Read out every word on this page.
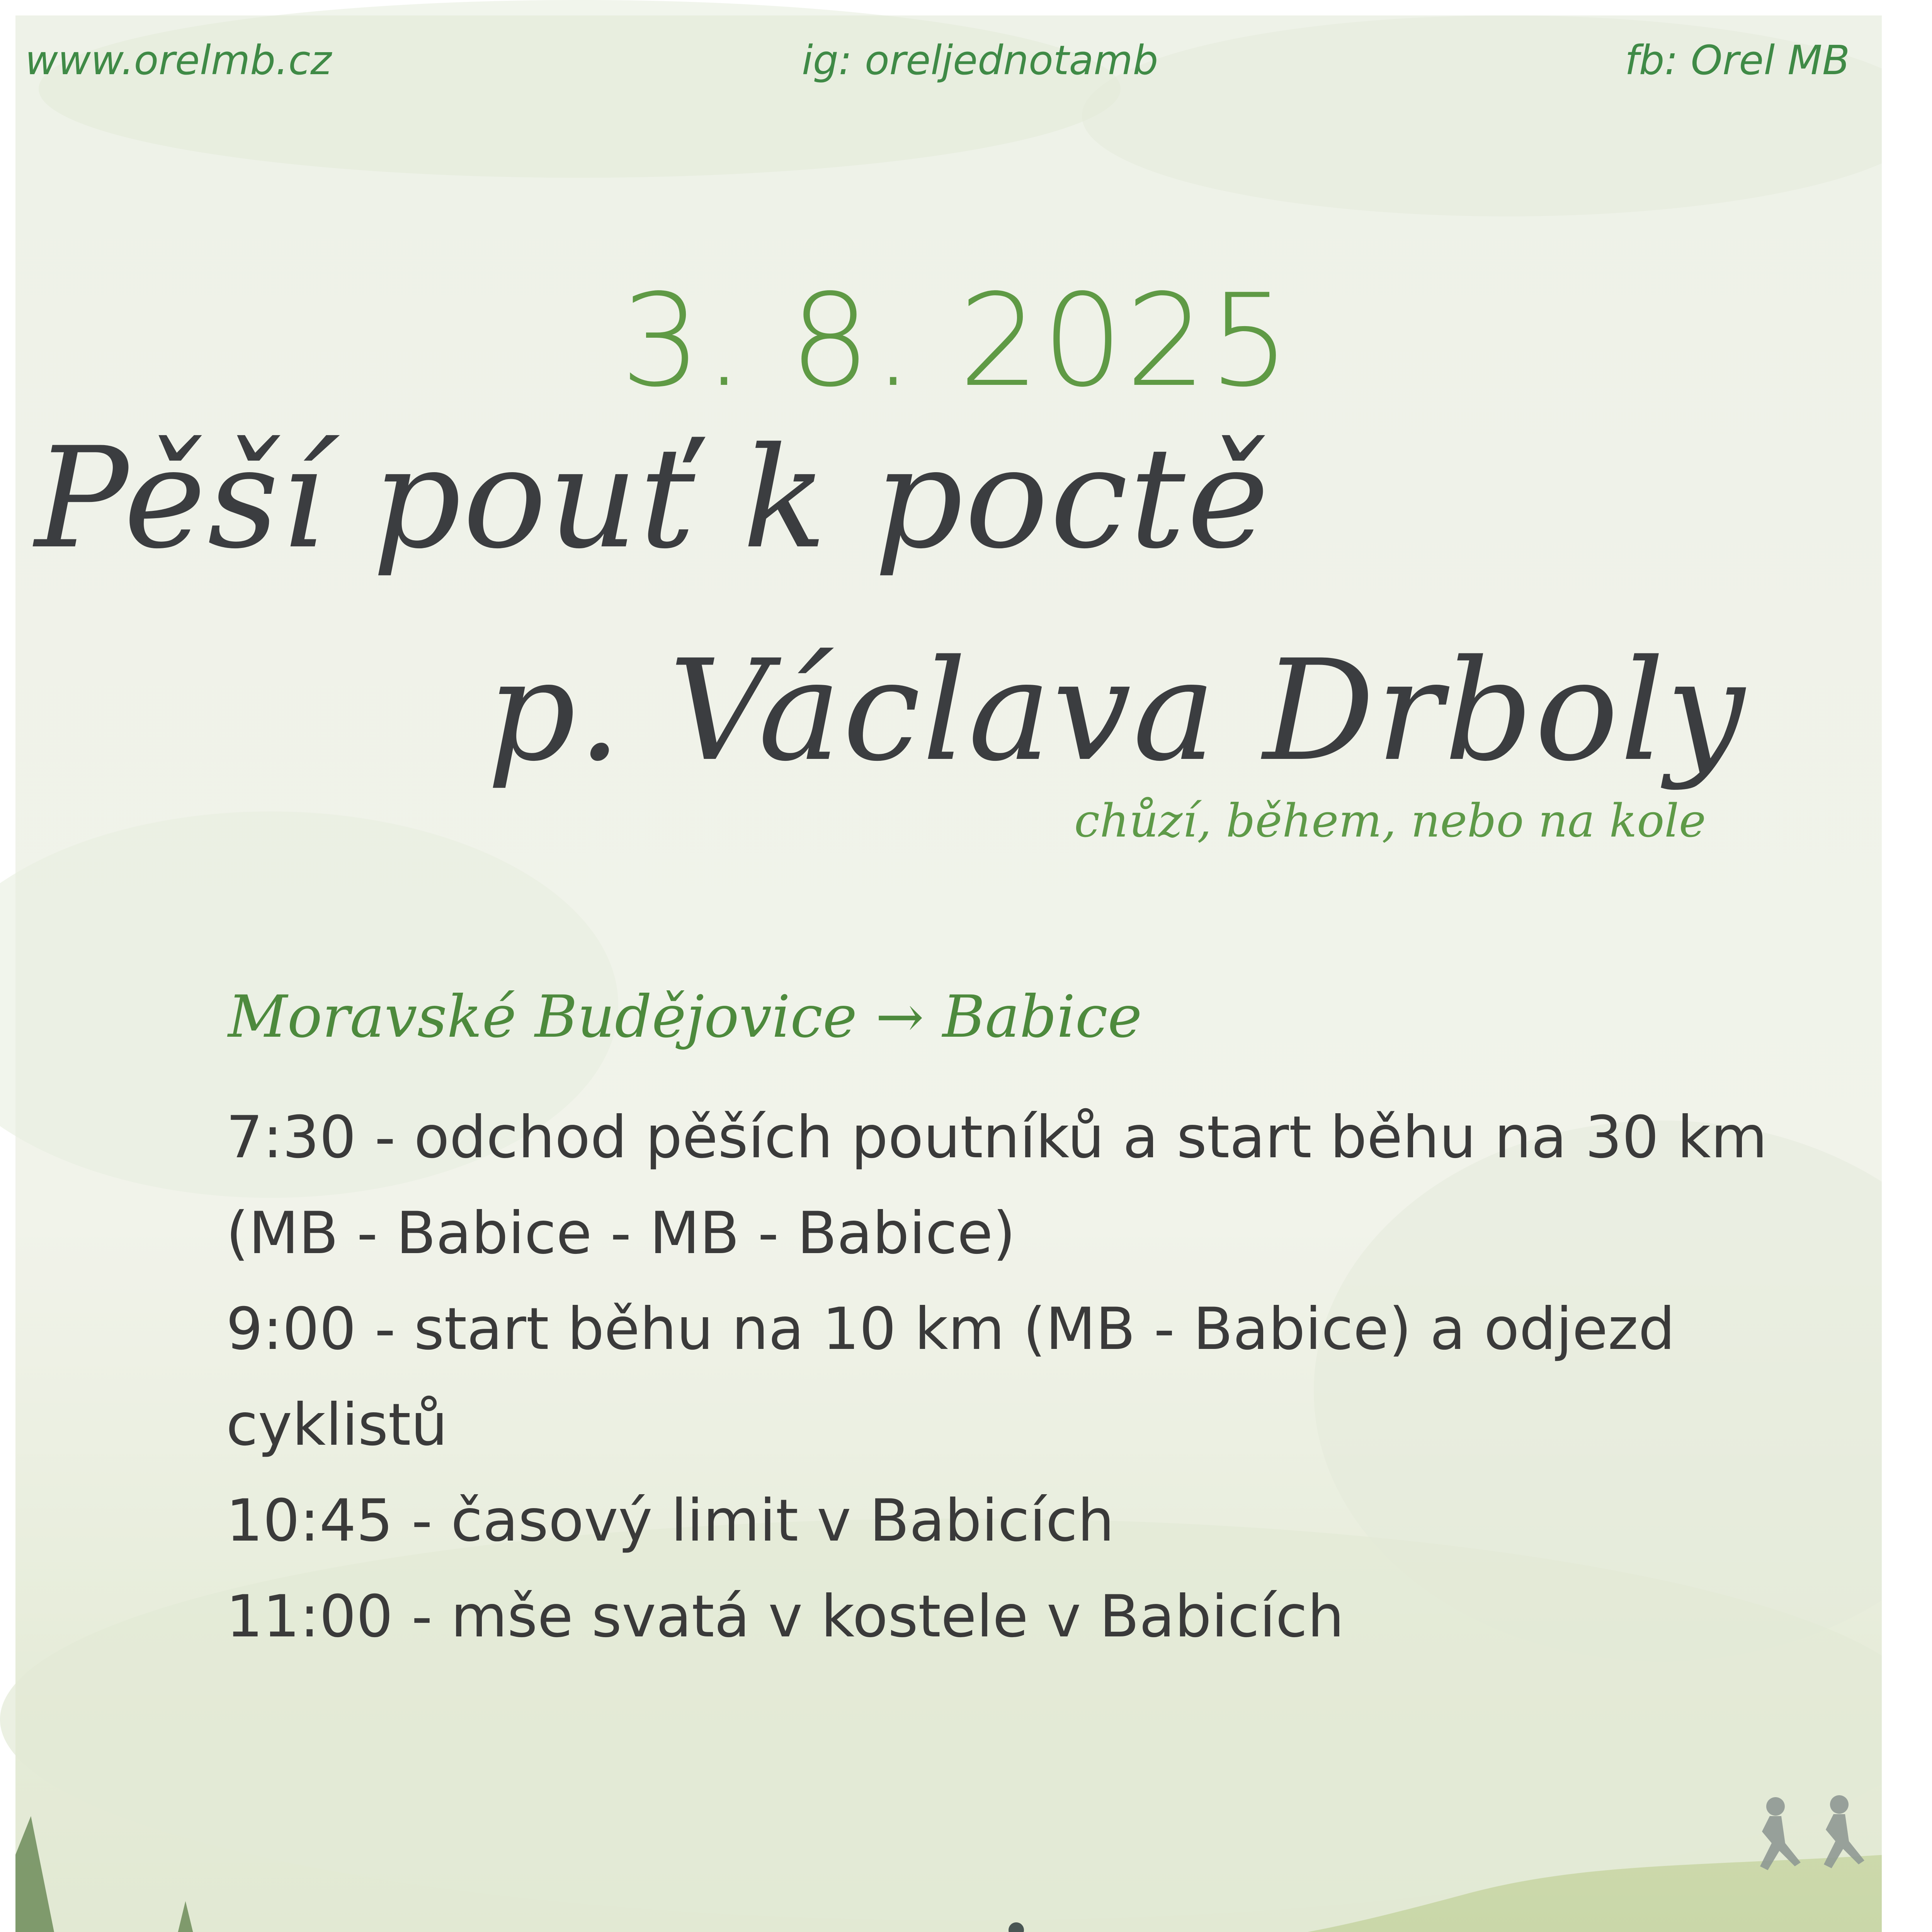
www.orelmb.cz	ig: oreljednotamb	fb: Orel MB
3. 8. 2025
Pěší pouť k poctě
p. Václava Drboly
chůzí, během, nebo na kole
Moravské Budějovice → Babice
7:30 - odchod pěších poutníků a start běhu na 30 km
(MB - Babice - MB - Babice)
9:00 - start běhu na 10 km (MB - Babice) a odjezd
cyklistů
10:45 - časový limit v Babicích
11:00 - mše svatá v kostele v Babicích
